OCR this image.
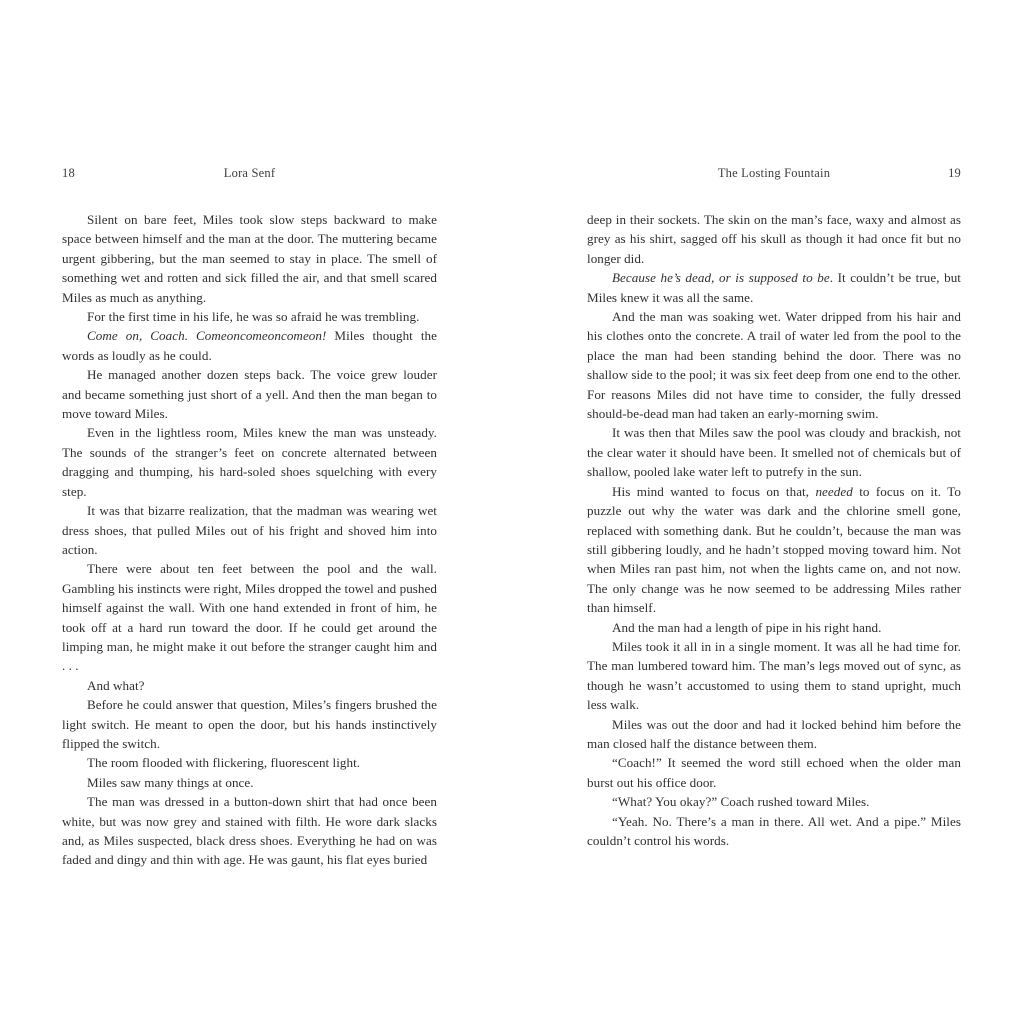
18	Lora Senf

Silent on bare feet, Miles took slow steps backward to make space between himself and the man at the door. The muttering became urgent gibbering, but the man seemed to stay in place. The smell of something wet and rotten and sick filled the air, and that smell scared Miles as much as anything.

For the first time in his life, he was so afraid he was trembling.

Come on, Coach. Comeoncomeoncomeon! Miles thought the words as loudly as he could.

He managed another dozen steps back. The voice grew louder and became something just short of a yell. And then the man began to move toward Miles.

Even in the lightless room, Miles knew the man was unsteady. The sounds of the stranger’s feet on concrete alternated between dragging and thumping, his hard-soled shoes squelching with every step.

It was that bizarre realization, that the madman was wearing wet dress shoes, that pulled Miles out of his fright and shoved him into action.

There were about ten feet between the pool and the wall. Gambling his instincts were right, Miles dropped the towel and pushed himself against the wall. With one hand extended in front of him, he took off at a hard run toward the door. If he could get around the limping man, he might make it out before the stranger caught him and . . .

And what?

Before he could answer that question, Miles’s fingers brushed the light switch. He meant to open the door, but his hands instinctively flipped the switch.

The room flooded with flickering, fluorescent light.

Miles saw many things at once.

The man was dressed in a button-down shirt that had once been white, but was now grey and stained with filth. He wore dark slacks and, as Miles suspected, black dress shoes. Everything he had on was faded and dingy and thin with age. He was gaunt, his flat eyes buried

The Losting Fountain	19

deep in their sockets. The skin on the man’s face, waxy and almost as grey as his shirt, sagged off his skull as though it had once fit but no longer did.

Because he’s dead, or is supposed to be. It couldn’t be true, but Miles knew it was all the same.

And the man was soaking wet. Water dripped from his hair and his clothes onto the concrete. A trail of water led from the pool to the place the man had been standing behind the door. There was no shallow side to the pool; it was six feet deep from one end to the other. For reasons Miles did not have time to consider, the fully dressed should-be-dead man had taken an early-morning swim.

It was then that Miles saw the pool was cloudy and brackish, not the clear water it should have been. It smelled not of chemicals but of shallow, pooled lake water left to putrefy in the sun.

His mind wanted to focus on that, needed to focus on it. To puzzle out why the water was dark and the chlorine smell gone, replaced with something dank. But he couldn’t, because the man was still gibbering loudly, and he hadn’t stopped moving toward him. Not when Miles ran past him, not when the lights came on, and not now. The only change was he now seemed to be addressing Miles rather than himself.

And the man had a length of pipe in his right hand.

Miles took it all in in a single moment. It was all he had time for. The man lumbered toward him. The man’s legs moved out of sync, as though he wasn’t accustomed to using them to stand upright, much less walk.

Miles was out the door and had it locked behind him before the man closed half the distance between them.

“Coach!” It seemed the word still echoed when the older man burst out his office door.

“What? You okay?” Coach rushed toward Miles.

“Yeah. No. There’s a man in there. All wet. And a pipe.” Miles couldn’t control his words.
